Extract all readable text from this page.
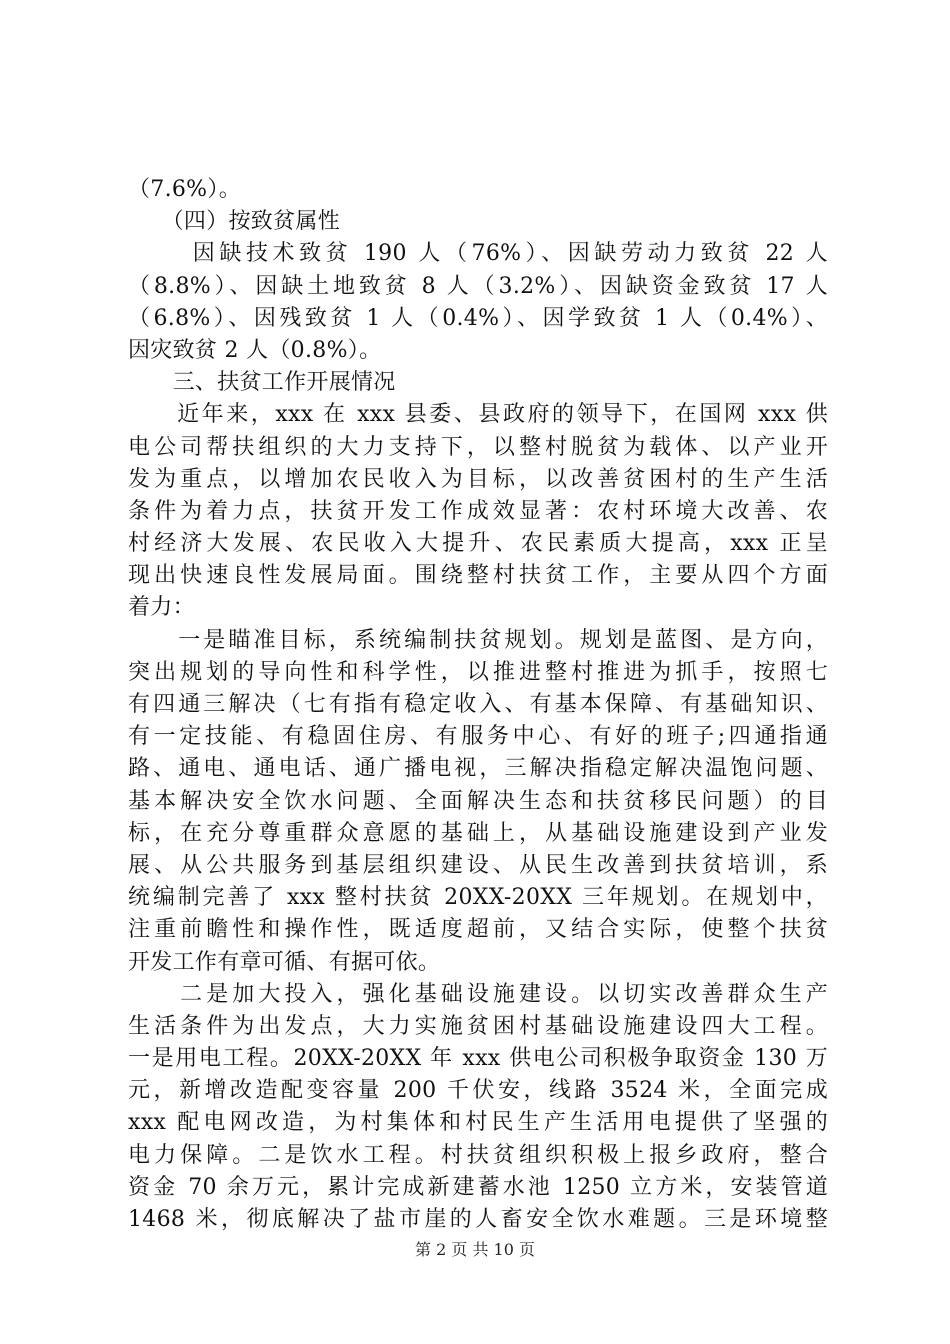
（7.6%）。
　　（四）按致贫属性
　　 因缺技术致贫 190 人（76%）、因缺劳动力致贫 22 人
（8.8%）、因缺土地致贫 8 人（3.2%）、因缺资金致贫 17 人
（6.8%）、因残致贫 1 人（0.4%）、因学致贫 1 人（0.4%）、
因灾致贫 2 人（0.8%）。
　　三、扶贫工作开展情况
　　近年来，xxx 在 xxx 县委、县政府的领导下，在国网 xxx 供
电公司帮扶组织的大力支持下，以整村脱贫为载体、以产业开
发为重点，以增加农民收入为目标，以改善贫困村的生产生活
条件为着力点，扶贫开发工作成效显著：农村环境大改善、农
村经济大发展、农民收入大提升、农民素质大提高，xxx 正呈
现出快速良性发展局面。围绕整村扶贫工作，主要从四个方面
着力：
　　一是瞄准目标，系统编制扶贫规划。规划是蓝图、是方向，
突出规划的导向性和科学性，以推进整村推进为抓手，按照七
有四通三解决（七有指有稳定收入、有基本保障、有基础知识、
有一定技能、有稳固住房、有服务中心、有好的班子;四通指通
路、通电、通电话、通广播电视，三解决指稳定解决温饱问题、
基本解决安全饮水问题、全面解决生态和扶贫移民问题）的目
标，在充分尊重群众意愿的基础上，从基础设施建设到产业发
展、从公共服务到基层组织建设、从民生改善到扶贫培训，系
统编制完善了 xxx 整村扶贫 20XX-20XX 三年规划。在规划中，
注重前瞻性和操作性，既适度超前，又结合实际，使整个扶贫
开发工作有章可循、有据可依。
　　二是加大投入，强化基础设施建设。以切实改善群众生产
生活条件为出发点，大力实施贫困村基础设施建设四大工程。
一是用电工程。20XX-20XX 年 xxx 供电公司积极争取资金 130 万
元，新增改造配变容量 200 千伏安，线路 3524 米，全面完成
xxx 配电网改造，为村集体和村民生产生活用电提供了坚强的
电力保障。二是饮水工程。村扶贫组织积极上报乡政府，整合
资金 70 余万元，累计完成新建蓄水池 1250 立方米，安装管道
1468 米，彻底解决了盐市崖的人畜安全饮水难题。三是环境整
第 2 页 共 10 页
